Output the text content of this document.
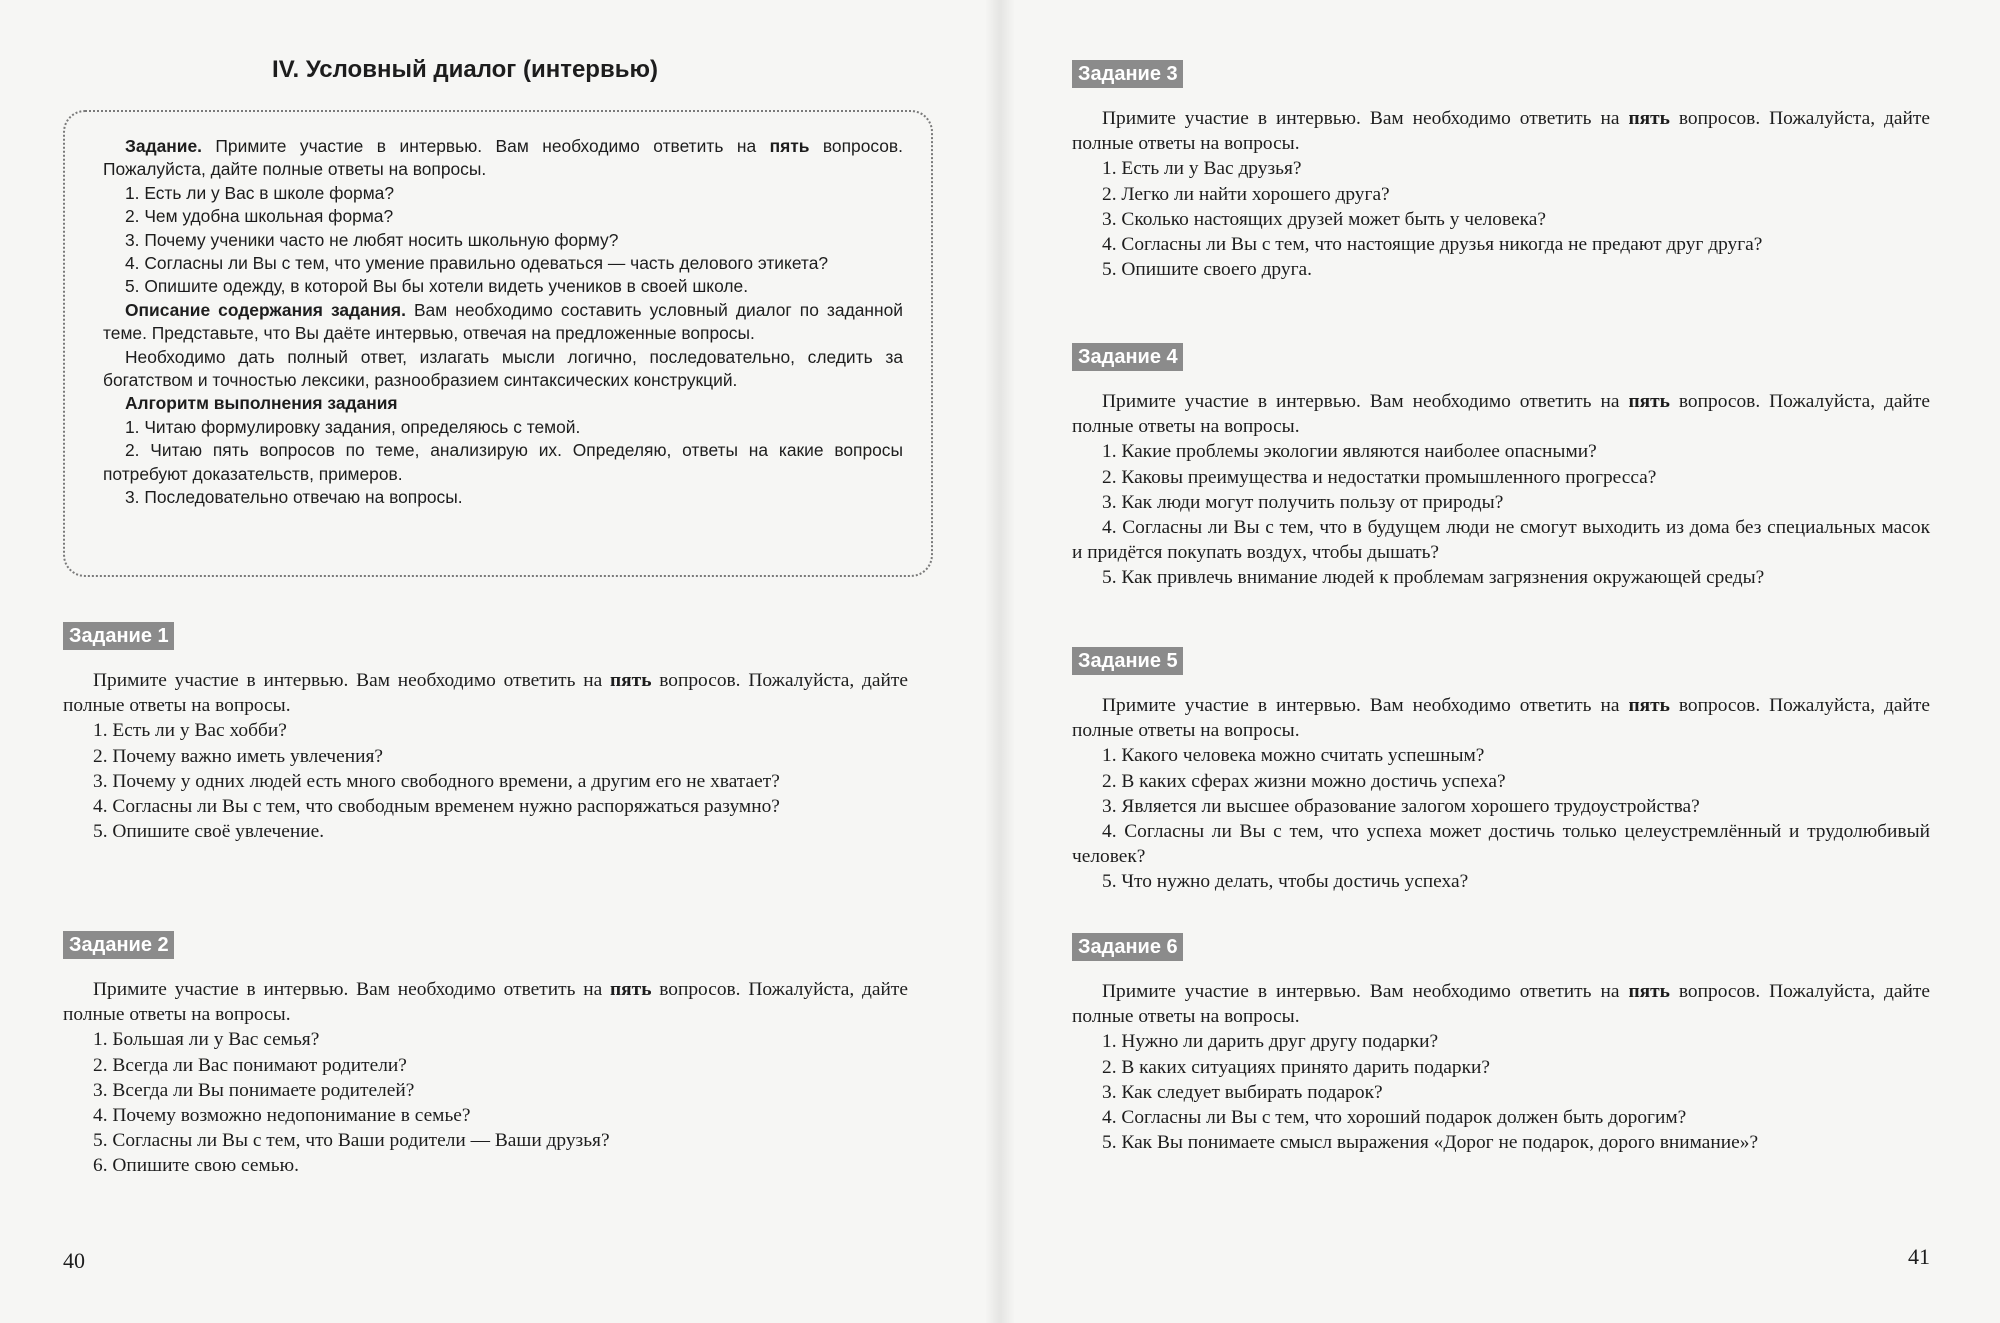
IV. Условный диалог (интервью)

Задание. Примите участие в интервью. Вам необходимо ответить на пять вопросов. Пожалуйста, дайте полные ответы на вопросы.

1. Есть ли у Вас в школе форма?

2. Чем удобна школьная форма?

3. Почему ученики часто не любят носить школьную форму?

4. Согласны ли Вы с тем, что умение правильно одеваться — часть делового этикета?

5. Опишите одежду, в которой Вы бы хотели видеть учеников в своей школе.

Описание содержания задания. Вам необходимо составить условный диалог по заданной теме. Представьте, что Вы даёте интервью, отвечая на предложенные вопросы.

Необходимо дать полный ответ, излагать мысли логично, последовательно, следить за богатством и точностью лексики, разнообразием синтаксических конструкций.

Алгоритм выполнения задания

1. Читаю формулировку задания, определяюсь с темой.

2. Читаю пять вопросов по теме, анализирую их. Определяю, ответы на какие вопросы потребуют доказательств, примеров.

3. Последовательно отвечаю на вопросы.

Задание 1

Примите участие в интервью. Вам необходимо ответить на пять вопросов. Пожалуйста, дайте полные ответы на вопросы.

1. Есть ли у Вас хобби?

2. Почему важно иметь увлечения?

3. Почему у одних людей есть много свободного времени, а другим его не хватает?

4. Согласны ли Вы с тем, что свободным временем нужно распоряжаться разумно?

5. Опишите своё увлечение.

Задание 2

Примите участие в интервью. Вам необходимо ответить на пять вопросов. Пожалуйста, дайте полные ответы на вопросы.

1. Большая ли у Вас семья?

2. Всегда ли Вас понимают родители?

3. Всегда ли Вы понимаете родителей?

4. Почему возможно недопонимание в семье?

5. Согласны ли Вы с тем, что Ваши родители — Ваши друзья?

6. Опишите свою семью.

40
Задание 3

Примите участие в интервью. Вам необходимо ответить на пять вопросов. Пожалуйста, дайте полные ответы на вопросы.

1. Есть ли у Вас друзья?

2. Легко ли найти хорошего друга?

3. Сколько настоящих друзей может быть у человека?

4. Согласны ли Вы с тем, что настоящие друзья никогда не предают друг друга?

5. Опишите своего друга.

Задание 4

Примите участие в интервью. Вам необходимо ответить на пять вопросов. Пожалуйста, дайте полные ответы на вопросы.

1. Какие проблемы экологии являются наиболее опасными?

2. Каковы преимущества и недостатки промышленного прогресса?

3. Как люди могут получить пользу от природы?

4. Согласны ли Вы с тем, что в будущем люди не смогут выходить из дома без специальных масок и придётся покупать воздух, чтобы дышать?

5. Как привлечь внимание людей к проблемам загрязнения окружающей среды?

Задание 5

Примите участие в интервью. Вам необходимо ответить на пять вопросов. Пожалуйста, дайте полные ответы на вопросы.

1. Какого человека можно считать успешным?

2. В каких сферах жизни можно достичь успеха?

3. Является ли высшее образование залогом хорошего трудоустройства?

4. Согласны ли Вы с тем, что успеха может достичь только целеустремлённый и трудолюбивый человек?

5. Что нужно делать, чтобы достичь успеха?

Задание 6

Примите участие в интервью. Вам необходимо ответить на пять вопросов. Пожалуйста, дайте полные ответы на вопросы.

1. Нужно ли дарить друг другу подарки?

2. В каких ситуациях принято дарить подарки?

3. Как следует выбирать подарок?

4. Согласны ли Вы с тем, что хороший подарок должен быть дорогим?

5. Как Вы понимаете смысл выражения «Дорог не подарок, дорого внимание»?

41
